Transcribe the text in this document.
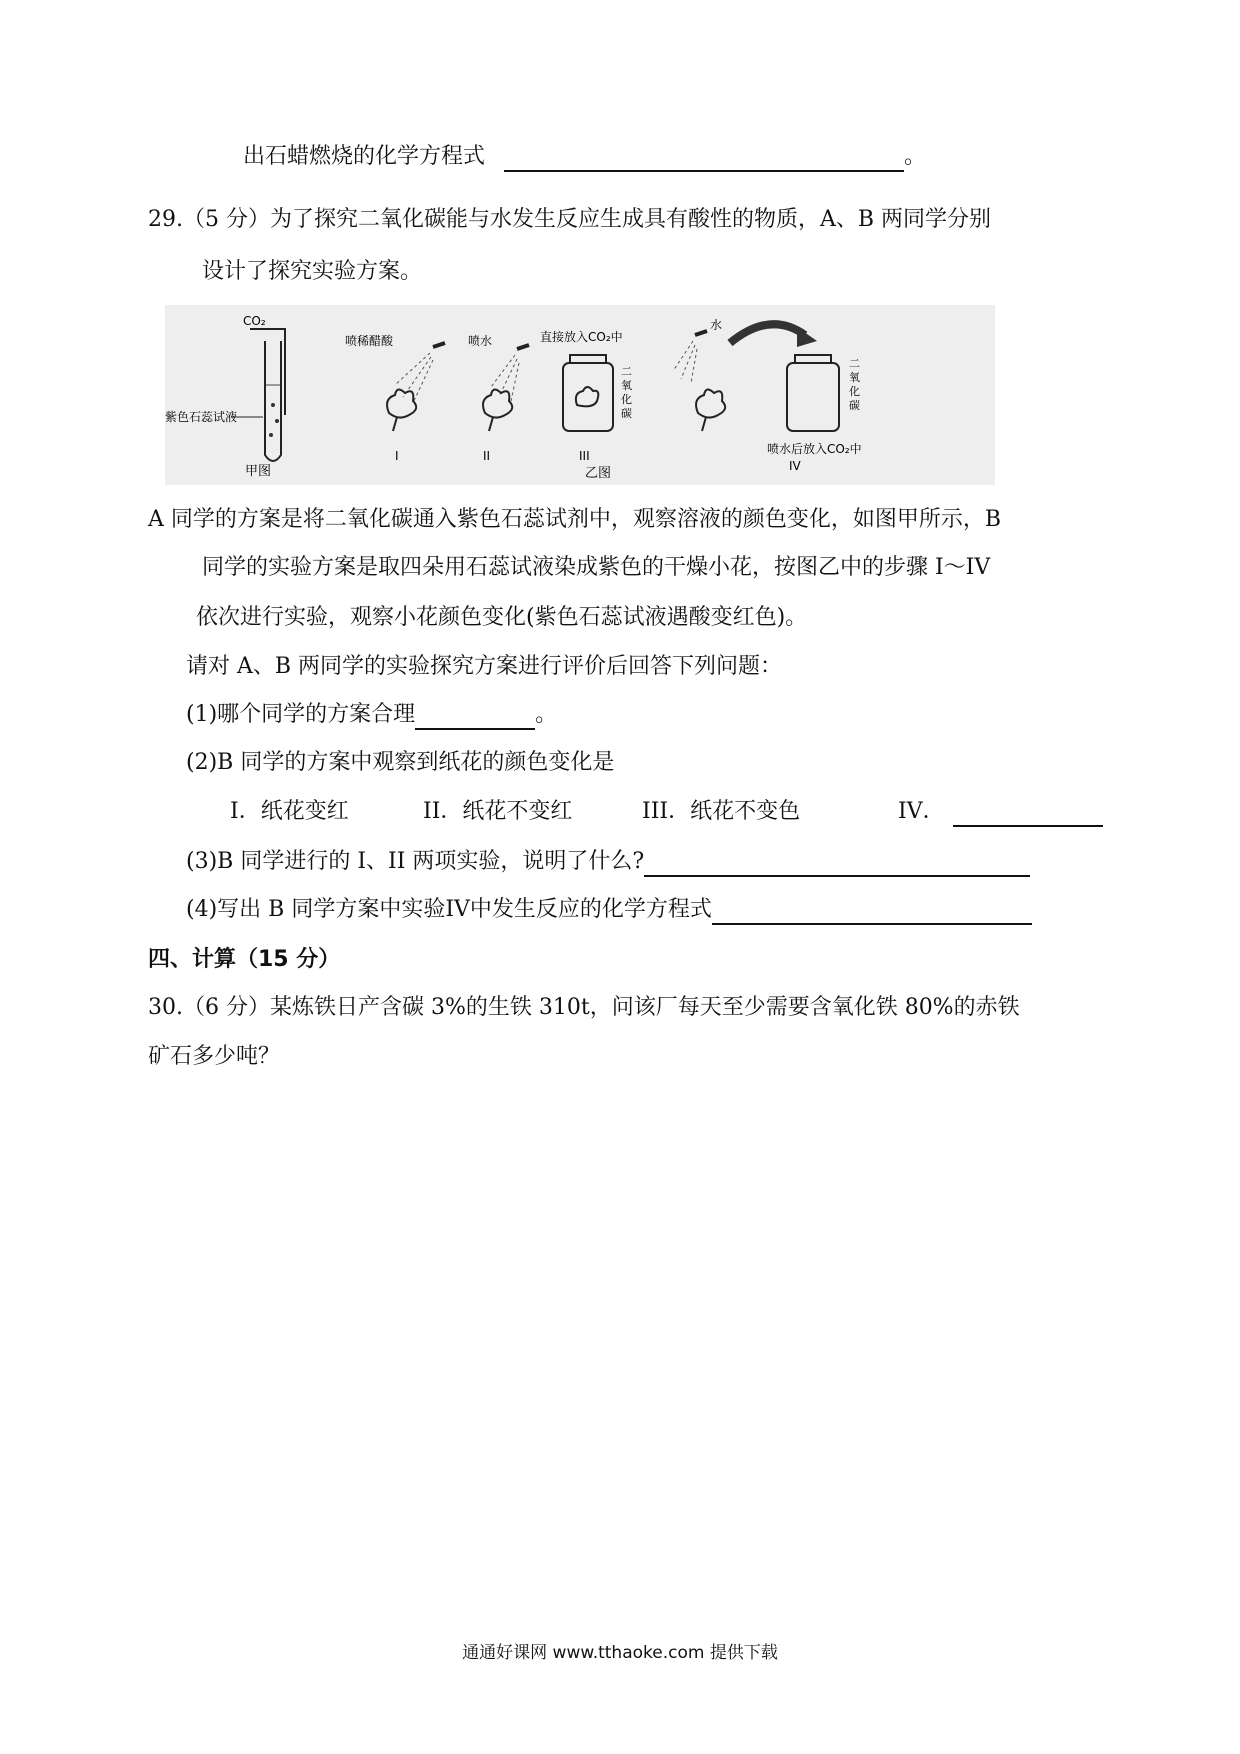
出石蜡燃烧的化学方程式	。
29.（5 分）为了探究二氧化碳能与水发生反应生成具有酸性的物质，A、B 两同学分别
设计了探究实验方案。
CO₂
紫色石蕊试液
甲图
喷稀醋酸
I
喷水
II
直接放入CO₂中
二
氧
化
碳
III
乙图
水
二
氧
化
碳
喷水后放入CO₂中
IV
A 同学的方案是将二氧化碳通入紫色石蕊试剂中，观察溶液的颜色变化，如图甲所示，B
同学的实验方案是取四朵用石蕊试液染成紫色的干燥小花，按图乙中的步骤 I～IV
依次进行实验，观察小花颜色变化(紫色石蕊试液遇酸变红色)。
请对 A、B 两同学的实验探究方案进行评价后回答下列问题：
(1)哪个同学的方案合理	。
(2)B 同学的方案中观察到纸花的颜色变化是
I．纸花变红	II．纸花不变红	III．纸花不变色	IV．
(3)B 同学进行的 I、II 两项实验，说明了什么?
(4)写出 B 同学方案中实验IV中发生反应的化学方程式
四、计算（15 分）
30.（6 分）某炼铁日产含碳 3%的生铁 310t，问该厂每天至少需要含氧化铁 80%的赤铁
矿石多少吨？
通通好课网 www.tthaoke.com 提供下载
